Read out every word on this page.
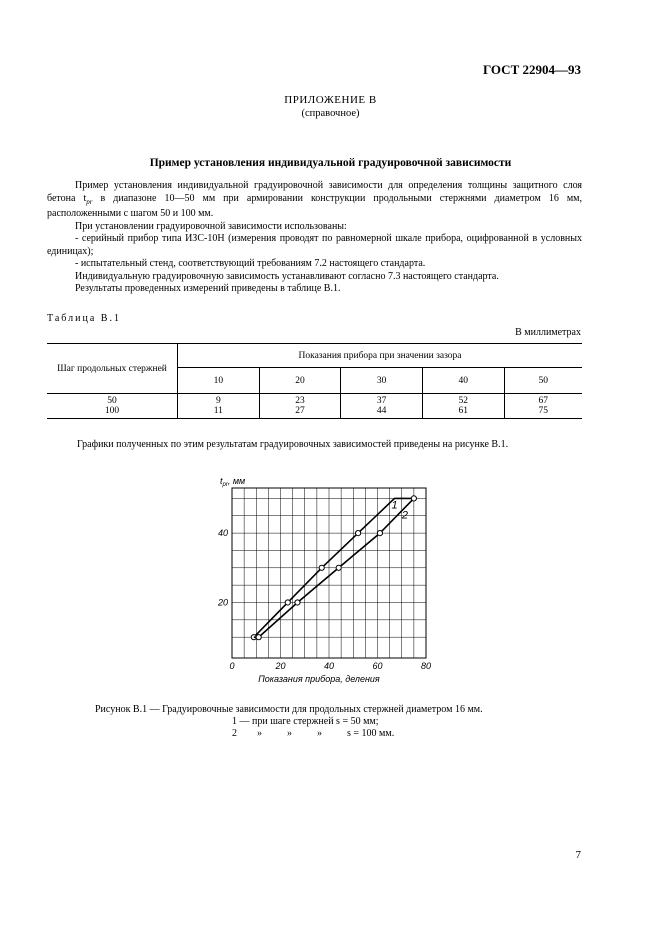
ГОСТ 22904—93
ПРИЛОЖЕНИЕ В
(справочное)
Пример установления индивидуальной градуировочной зависимости

Пример установления индивидуальной градуировочной зависимости для определения толщины защитного слоя бетона $t_{pr}$ в диапазоне 10—50 мм при армировании конструкции продольными стержнями диаметром 16 мм, расположенными с шагом 50 и 100 мм.

При установлении градуировочной зависимости использованы:

- серийный прибор типа ИЗС-10Н (измерения проводят по равномерной шкале прибора, оцифрованной в условных единицах);

- испытательный стенд, соответствующий требованиям 7.2 настоящего стандарта.

Индивидуальную градуировочную зависимость устанавливают согласно 7.3 настоящего стандарта.

Результаты проведенных измерений приведены в таблице В.1.

Таблица В.1
В миллиметрах
Шаг продольных стержней	Показания прибора при значении зазора				
	10	20	30	40	50
50	9	23	37	52	67
100	11	27	44	61	75
Графики полученных по этим результатам градуировочных зависимостей приведены на рисунке В.1.
0	20	40	60	80
20
40
$t_{pr}$, мм
Показания прибора, деления
1
2
Рисунок В.1 — Градуировочные зависимости для продольных стержней диаметром 16 мм.
1 — при шаге стержней s = 50 мм;
2 »	»	»	s = 100 мм.
7
